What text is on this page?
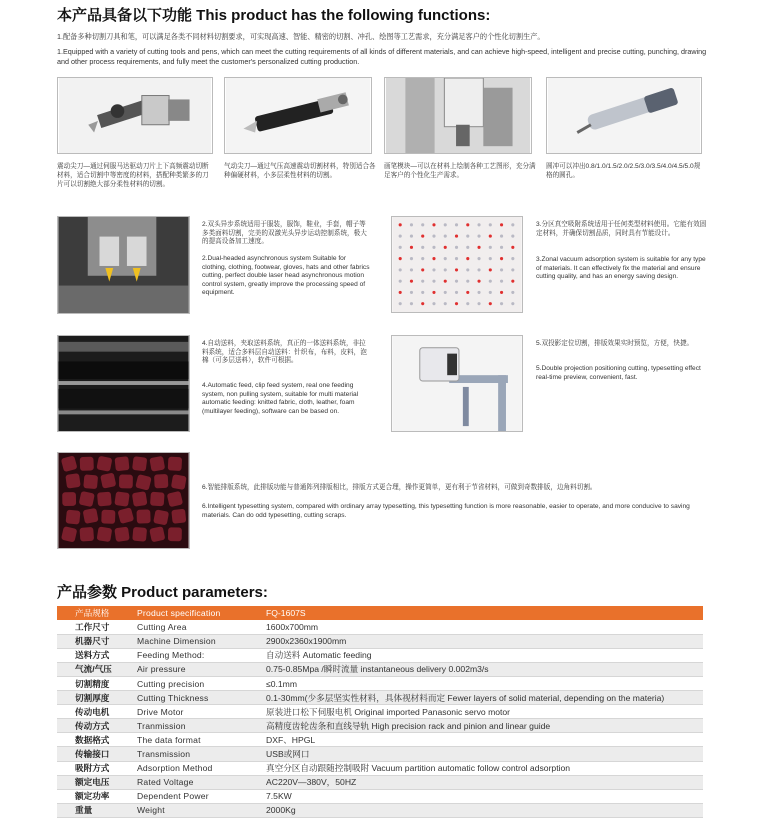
本产品具备以下功能 This product has the following functions:
1.配备多种切割刀具和笔，可以满足各类不同材料切割要求，可实现高速、智能、精密的切割、冲孔、绘图等工艺需求，充分满足客户的个性化切割生产。
1.Equipped with a variety of cutting tools and pens, which can meet the cutting requirements of all kinds of different materials, and can achieve high-speed, intelligent and precise cutting, punching, drawing and other process requirements, and fully meet the customer's personalized cutting production.
震动尖刀—通过伺服马达驱动刀片上下高频震动切断材料，适合切割中等密度的材料，搭配种类繁多的刀片可以切割绝大部分柔性材料的切割。
气动尖刀—通过气压高速震动切割材料，特别适合各种偏硬材料，小多层柔性材料的切割。
画笔模块—可以在材料上绘制各种工艺图形，充分满足客户的个性化生产需求。
圆冲可以冲出0.8/1.0/1.5/2.0/2.5/3.0/3.5/4.0/4.5/5.0规格的圆孔。
2.双头异步系统适用于服装，服饰，鞋业，手套，帽子等多类面料切割，完美的双激光头异步运动控制系统，极大的提高设备加工速度。
2.Dual-headed asynchronous system Suitable for clothing, clothing, footwear, gloves, hats and other fabrics cutting, perfect double laser head asynchronous motion control system, greatly improve the processing speed of equipment.
3.分区真空吸附系统适用于任何类型材料使用。它能有效固定材料，并确保切割品质，同时具有节能设计。
3.Zonal vacuum adsorption system is suitable for any type of materials. It can effectively fix the material and ensure cutting quality, and has an energy saving design.
4.自动送料，夹取送料系统，真正的一体送料系统，非拉料系统，适合多料层自动送料：针织布，布料，皮料，泡棉（可多层送料），软件可根据。
4.Automatic feed, clip feed system, real one feeding system, non pulling system, suitable for multi material automatic feeding: knitted fabric, cloth, leather, foam (multilayer feeding), software can be based on.
5.双投影定位切割，排版效果实时预览，方便，快捷。
5.Double projection positioning cutting, typesetting effect real-time preview, convenient, fast.
6.智能排版系统，此排版功能与普通阵列排版相比，排版方式更合理，操作更简单，更有利于节省材料，可做到奇数排版，边角料切割。
6.Intelligent typesetting system, compared with ordinary array typesetting, this typesetting function is more reasonable, easier to operate, and more conducive to saving materials. Can do odd typesetting, cutting scraps.
产品参数 Product parameters:
产品规格	Product specification	FQ-1607S
工作尺寸	Cutting Area	1600x700mm
机器尺寸	Machine Dimension	2900x2360x1900mm
送料方式	Feeding Method:	自动送料 Automatic feeding
气流/气压	Air pressure	0.75-0.85Mpa /瞬时流量 instantaneous delivery 0.002m3/s
切割精度	Cutting precision	≤0.1mm
切割厚度	Cutting Thickness	0.1-30mm(少多层坚实性材料，具体视材料而定 Fewer layers of solid material, depending on the materia)
传动电机	Drive Motor	原装进口松下伺服电机 Original imported Panasonic servo motor
传动方式	Tranmission	高精度齿轮齿条和直线导轨 High precision rack and pinion and linear guide
数据格式	The data format	DXF、HPGL
传输接口	Transmission	USB或网口
吸附方式	Adsorption Method	真空分区自动跟随控制吸附 Vacuum partition automatic follow control adsorption
额定电压	Rated Voltage	AC220V—380V，50HZ
额定功率	Dependent Power	7.5KW
重量	Weight	2000Kg
